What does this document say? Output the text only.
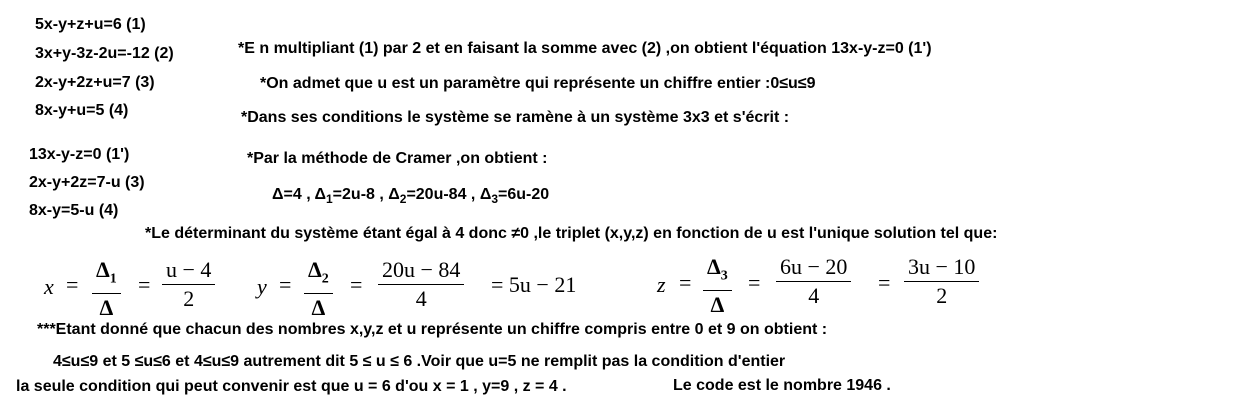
5x-y+z+u=6 (1)
3x+y-3z-2u=-12 (2)
2x-y+2z+u=7 (3)
8x-y+u=5 (4)
*E n multipliant (1) par 2 et en faisant la somme avec (2) ,on obtient l'équation 13x-y-z=0 (1')
*On admet que u est un paramètre qui représente un chiffre entier :0≤u≤9
*Dans ses conditions le système se ramène à un système 3x3 et s'écrit :
13x-y-z=0 (1')
2x-y+2z=7-u (3)
8x-y=5-u (4)
*Par la méthode de Cramer ,on obtient :
Δ=4 , $\Delta_1=2u-8$ , $\Delta_2=20u-84$ , $\Delta_3=6u-20$
*Le déterminant du système étant égal à 4 donc ≠0 ,le triplet (x,y,z) en fonction de u est l'unique solution tel que:
$x = \frac{\Delta_1}{\Delta} = \frac{u - 4}{2}$ $y = \frac{\Delta_2}{\Delta} = \frac{20u - 84}{4} = 5u - 21$	$z = \frac{\Delta_3}{\Delta} = \frac{6u - 20}{4} = \frac{3u - 10}{2}$
***Etant donné que chacun des nombres x,y,z et u représente un chiffre compris entre 0 et 9 on obtient :
4≤u≤9 et 5 ≤u≤6 et 4≤u≤9 autrement dit 5 ≤ u ≤ 6 .Voir que u=5 ne remplit pas la condition d'entier
la seule condition qui peut convenir est que u = 6 d'ou x = 1 , y=9 , z = 4 .	Le code est le nombre 1946 .
